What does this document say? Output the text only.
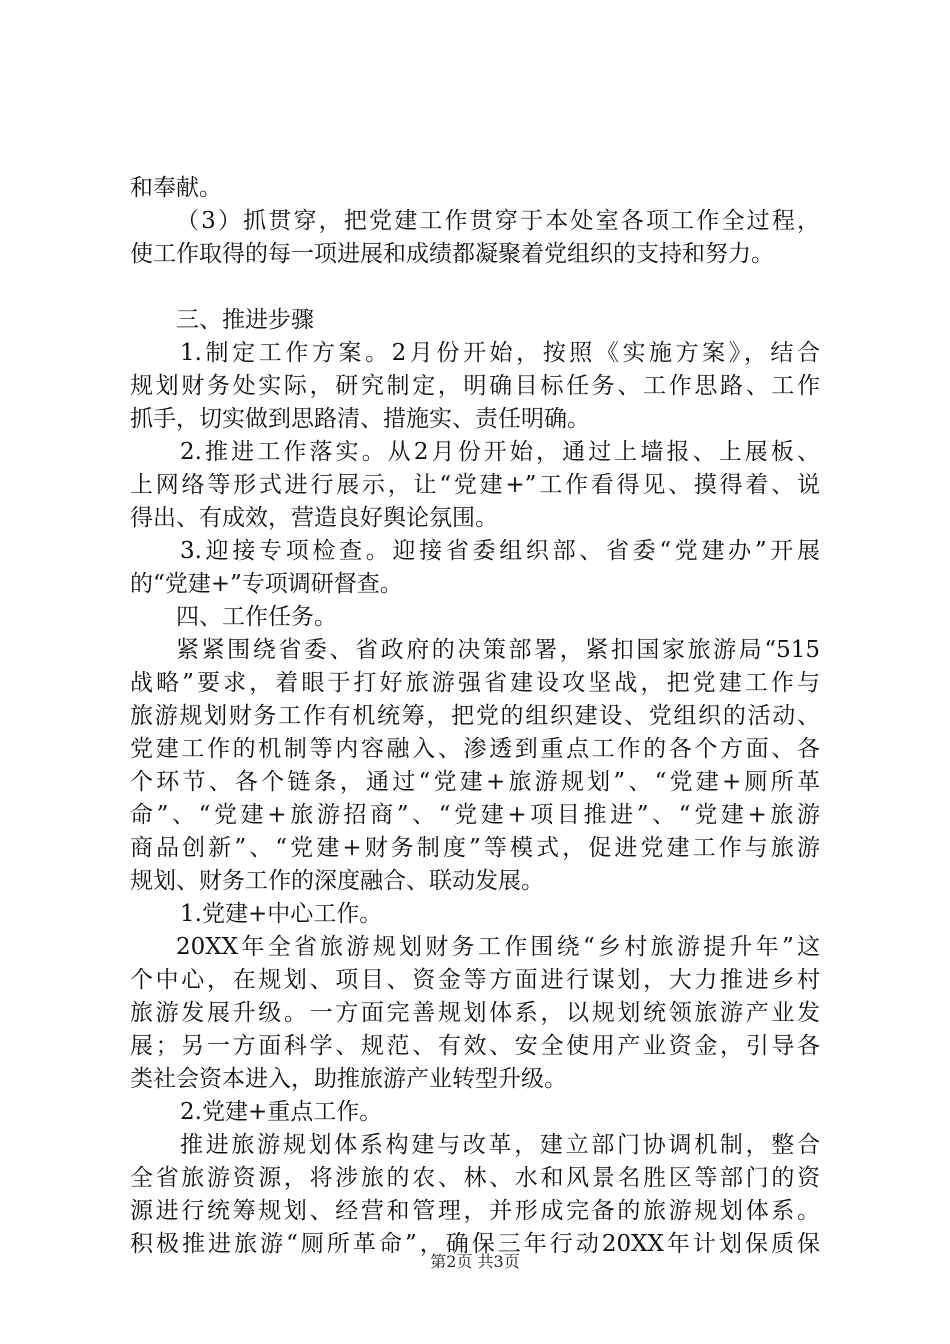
和奉献。
（3）抓贯穿，把党建工作贯穿于本处室各项工作全过程，
使工作取得的每一项进展和成绩都凝聚着党组织的支持和努力。
三、推进步骤
1.制定工作方案。2月份开始，按照《实施方案》，结合
规划财务处实际，研究制定，明确目标任务、工作思路、工作
抓手，切实做到思路清、措施实、责任明确。
2.推进工作落实。从2月份开始，通过上墙报、上展板、
上网络等形式进行展示，让“党建+”工作看得见、摸得着、说
得出、有成效，营造良好舆论氛围。
3.迎接专项检查。迎接省委组织部、省委“党建办”开展
的“党建+”专项调研督查。
四、工作任务。
紧紧围绕省委、省政府的决策部署，紧扣国家旅游局“515
战略”要求，着眼于打好旅游强省建设攻坚战，把党建工作与
旅游规划财务工作有机统筹，把党的组织建设、党组织的活动、
党建工作的机制等内容融入、渗透到重点工作的各个方面、各
个环节、各个链条，通过“党建+旅游规划”、“党建+厕所革
命”、“党建+旅游招商”、“党建+项目推进”、“党建+旅游
商品创新”、“党建+财务制度”等模式，促进党建工作与旅游
规划、财务工作的深度融合、联动发展。
1.党建+中心工作。
20XX年全省旅游规划财务工作围绕“乡村旅游提升年”这
个中心，在规划、项目、资金等方面进行谋划，大力推进乡村
旅游发展升级。一方面完善规划体系，以规划统领旅游产业发
展；另一方面科学、规范、有效、安全使用产业资金，引导各
类社会资本进入，助推旅游产业转型升级。
2.党建+重点工作。
推进旅游规划体系构建与改革，建立部门协调机制，整合
全省旅游资源，将涉旅的农、林、水和风景名胜区等部门的资
源进行统筹规划、经营和管理，并形成完备的旅游规划体系。
积极推进旅游“厕所革命”，确保三年行动20XX年计划保质保
第2页 共3页
